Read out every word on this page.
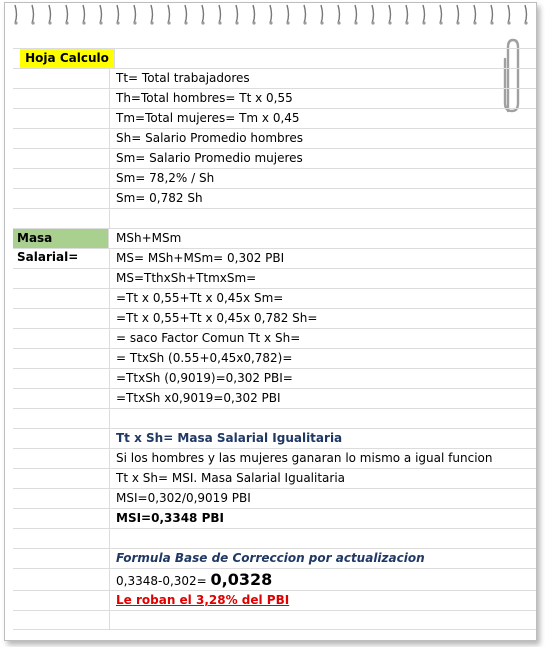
Hoja Calculo
Tt= Total trabajadores
Th=Total hombres= Tt x 0,55
Tm=Total mujeres= Tm x 0,45
Sh= Salario Promedio hombres
Sm= Salario Promedio mujeres
Sm= 78,2% / Sh
Sm= 0,782 Sh
Masa Salarial=
MSh+MSm
MS= MSh+MSm= 0,302 PBI
MS=TthxSh+TtmxSm=
=Tt x 0,55+Tt x 0,45x Sm=
=Tt x 0,55+Tt x 0,45x 0,782 Sh=
= saco Factor Comun Tt x Sh=
= TtxSh (0.55+0,45x0,782)=
=TtxSh (0,9019)=0,302 PBI=
=TtxSh x0,9019=0,302 PBI
Tt x Sh= Masa Salarial Igualitaria
Si los hombres y las mujeres ganaran lo mismo a igual funcion
Tt x Sh= MSI. Masa Salarial Igualitaria
MSI=0,302/0,9019 PBI
MSI=0,3348 PBI
Formula Base de Correccion por actualizacion
0,3348-0,302= 0,0328
Le roban el 3,28% del PBI
